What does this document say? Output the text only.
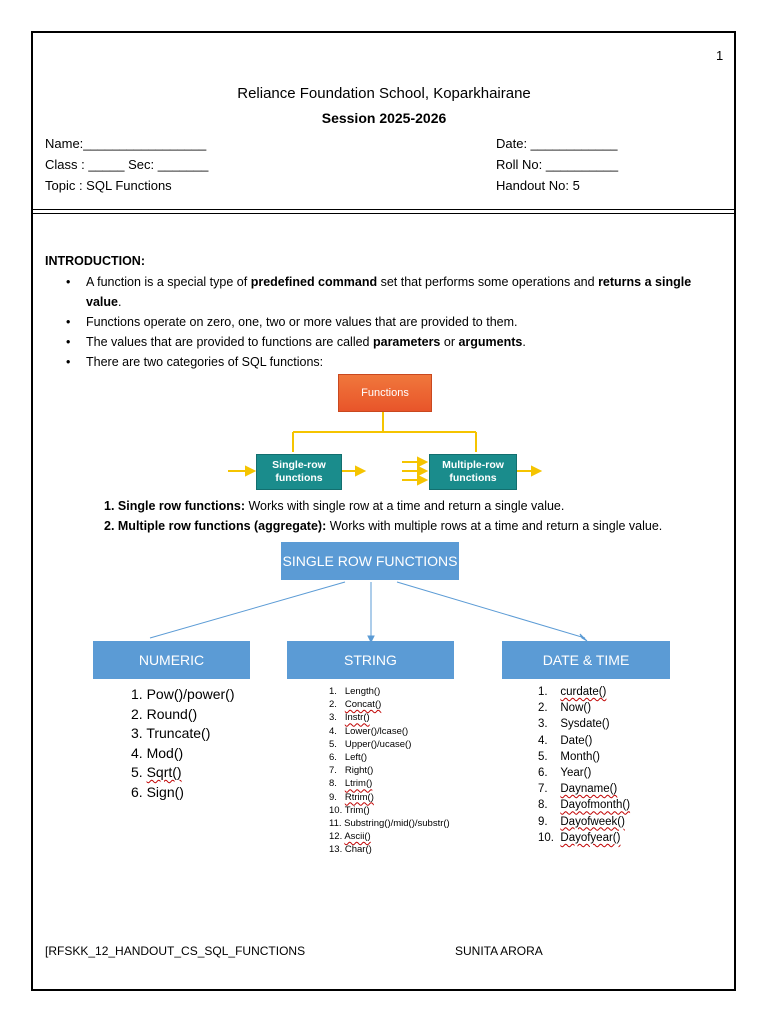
1
Reliance Foundation School, Koparkhairane
Session 2025-2026
Name:_________________
Class : _____ Sec: _______
Topic : SQL Functions
Date: ____________
Roll No: __________
Handout No: 5
INTRODUCTION:
• A function is a special type of predefined command set that performs some operations and returns a single value.
• Functions operate on zero, one, two or more values that are provided to them.
• The values that are provided to functions are called parameters or arguments.
• There are two categories of SQL functions:
Functions
Single-row functions
Multiple-row functions
1. Single row functions: Works with single row at a time and return a single value.
2. Multiple row functions (aggregate): Works with multiple rows at a time and return a single value.
SINGLE ROW FUNCTIONS
NUMERIC	STRING	DATE & TIME
1. Pow()/power()
2. Round()
3. Truncate()
4. Mod()
5. Sqrt()
6. Sign()
1.   Length()
2.   Concat()
3.   Instr()
4.   Lower()/lcase()
5.   Upper()/ucase()
6.   Left()
7.   Right()
8.   Ltrim()
9.   Rtrim()
10. Trim()
11. Substring()/mid()/substr()
12. Ascii()
13. Char()
1.    curdate()
2.    Now()
3.    Sysdate()
4.    Date()
5.    Month()
6.    Year()
7.    Dayname()
8.    Dayofmonth()
9.    Dayofweek()
10.  Dayofyear()
[RFSKK_12_HANDOUT_CS_SQL_FUNCTIONS	SUNITA ARORA
